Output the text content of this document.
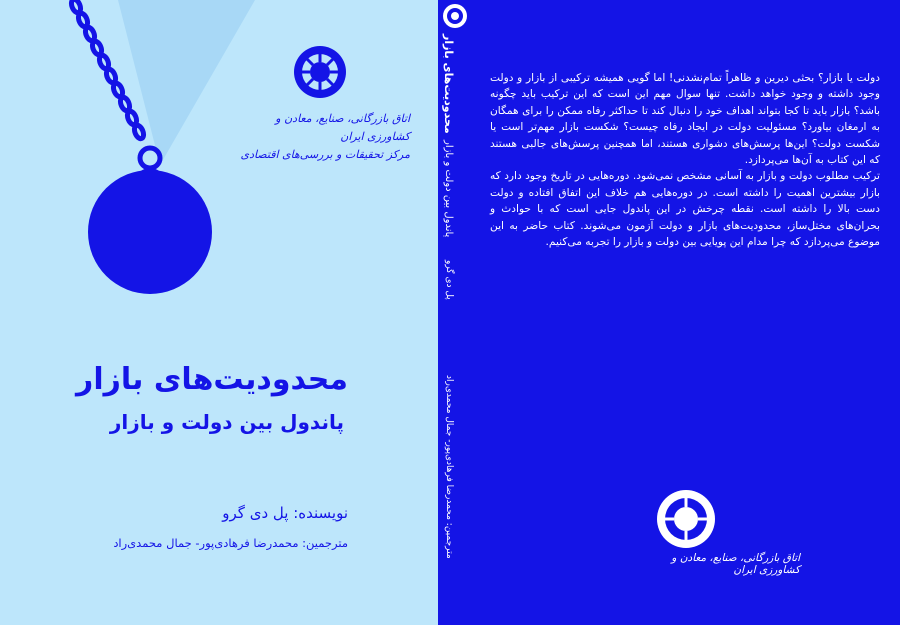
اتاق بازرگانی، صنایع، معادن و کشاورزی ایران
مرکز تحقیقات و بررسی‌های اقتصادی
محدودیت‌های بازار
پاندول بین دولت و بازار
نویسنده: پل دی گرو
مترجمین: محمدرضا فرهادی‌پور- جمال محمدی‌راد
محدودیت‌های بازار
پاندول بین دولت و بازار
پل دی گرو
مترجمین: محمدرضا فرهادی‌پور- جمال محمدی‌راد

دولت یا بازار؟ بحثی دیرین و ظاهراً تمام‌نشدنی! اما گویی همیشه ترکیبی از بازار و دولت وجود داشته و وجود خواهد داشت. تنها سوال مهم این است که این ترکیب باید چگونه باشد؟ بازار باید تا کجا بتواند اهداف خود را دنبال کند تا حداکثر رفاه ممکن را برای همگان به ارمغان بیاورد؟ مسئولیت دولت در ایجاد رفاه چیست؟ شکست بازار مهم‌تر است یا شکست دولت؟ این‌ها پرسش‌های دشواری هستند، اما همچنین پرسش‌های جالبی هستند که این کتاب به آن‌ها می‌پردازد.

ترکیب مطلوب دولت و بازار به آسانی مشخص نمی‌شود. دوره‌هایی در تاریخ وجود دارد که بازار بیشترین اهمیت را داشته است. در دوره‌هایی هم خلاف این اتفاق افتاده و دولت دست بالا را داشته است. نقطه چرخش در این پاندول جایی است که با حوادث و بحران‌های مختل‌ساز، محدودیت‌های بازار و دولت آزمون می‌شوند. کتاب حاضر به این موضوع می‌پردازد که چرا مدام این پویایی بین دولت و بازار را تجربه می‌کنیم.

اتاق بازرگانی، صنایع، معادن و کشاورزی ایران
